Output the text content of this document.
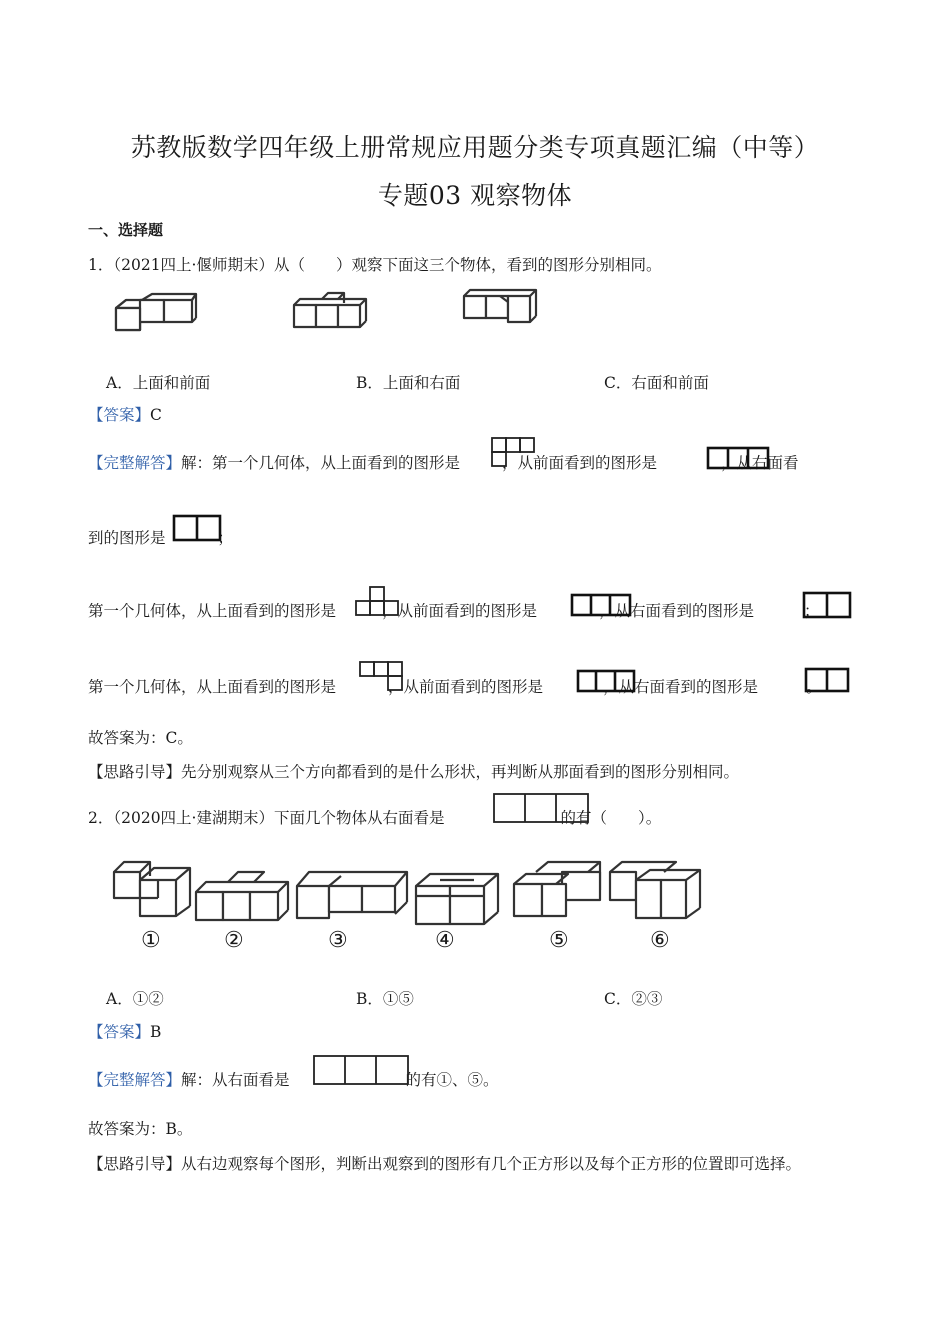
苏教版数学四年级上册常规应用题分类专项真题汇编（中等）
专题03 观察物体
一、选择题
1．（2021四上·偃师期末）从（　　）观察下面这三个物体，看到的图形分别相同。
A．上面和前面	B．上面和右面	C．右面和前面
【答案】C
【完整解答】解：第一个几何体，从上面看到的图形是	，从前面看到的图形是	，从右面看
到的图形是	；
第一个几何体，从上面看到的图形是	，从前面看到的图形是	，从右面看到的图形是	；
第一个几何体，从上面看到的图形是	，从前面看到的图形是	，从右面看到的图形是	。
故答案为：C。
【思路引导】先分别观察从三个方向都看到的是什么形状，再判断从那面看到的图形分别相同。
2．（2020四上·建湖期末）下面几个物体从右面看是	的有（　　）。
①	②	③	④	⑤	⑥
A．①②	B．①⑤	C．②③
【答案】B
【完整解答】解：从右面看是	的有①、⑤。
故答案为：B。
【思路引导】从右边观察每个图形，判断出观察到的图形有几个正方形以及每个正方形的位置即可选择。
